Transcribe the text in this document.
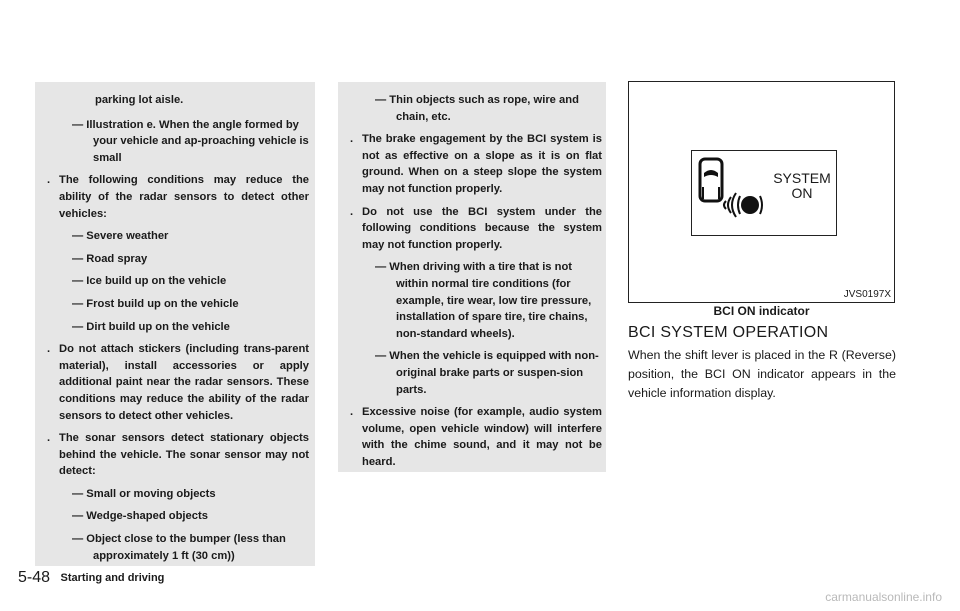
parking lot aisle.

— Illustration e. When the angle formed by your vehicle and ap-proaching vehicle is small

. The following conditions may reduce the ability of the radar sensors to detect other vehicles:

— Severe weather

— Road spray

— Ice build up on the vehicle

— Frost build up on the vehicle

— Dirt build up on the vehicle

. Do not attach stickers (including trans-parent material), install accessories or apply additional paint near the radar sensors. These conditions may reduce the ability of the radar sensors to detect other vehicles.
. The sonar sensors detect stationary objects behind the vehicle. The sonar sensor may not detect:

— Small or moving objects

— Wedge-shaped objects

— Object close to the bumper (less than approximately 1 ft (30 cm))

— Thin objects such as rope, wire and chain, etc.

. The brake engagement by the BCI system is not as effective on a slope as it is on flat ground. When on a steep slope the system may not function properly.
. Do not use the BCI system under the following conditions because the system may not function properly.

— When driving with a tire that is not within normal tire conditions (for example, tire wear, low tire pressure, installation of spare tire, tire chains, non-standard wheels).

— When the vehicle is equipped with non-original brake parts or suspen-sion parts.

. Excessive noise (for example, audio system volume, open vehicle window) will interfere with the chime sound, and it may not be heard.
SYSTEM
ON
JVS0197X
BCI ON indicator
BCI SYSTEM OPERATION
When the shift lever is placed in the R (Reverse) position, the BCI ON indicator appears in the vehicle information display.
5-48 Starting and driving
carmanualsonline.info
